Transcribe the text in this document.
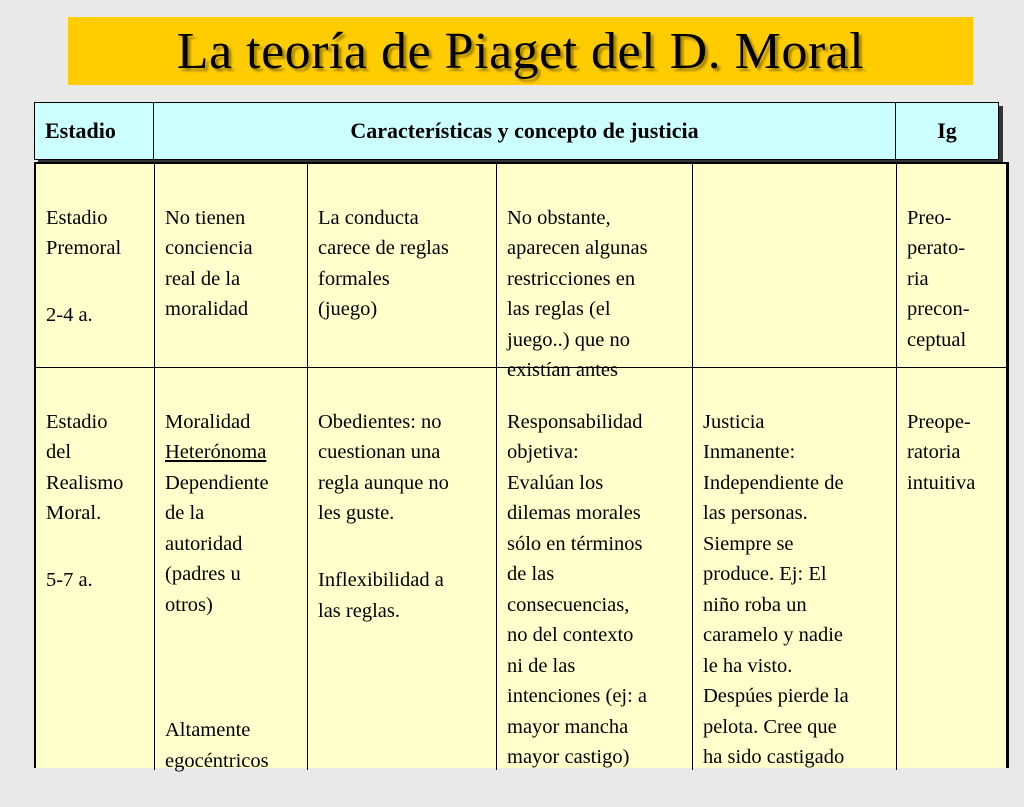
La teoría de Piaget del D. Moral
Estadio	Características y concepto de justicia	Ig

Estadio
Premoral

2-4 a.

No tienen
conciencia
real de la
moralidad

La conducta
carece de reglas
formales
(juego)

No obstante,
aparecen algunas
restricciones en
las reglas (el
juego..) que no
existían antes

Preo-
perato-
ria
precon-
ceptual

Estadio
del
Realismo
Moral.

5-7 a.

Moralidad
Heterónoma
Dependiente
de la
autoridad
(padres u
otros)

Altamente
egocéntricos

Obedientes: no
cuestionan una
regla aunque no
les guste.

Inflexibilidad a
las reglas.

Responsabilidad
objetiva:
Evalúan los
dilemas morales
sólo en términos
de las
consecuencias,
no del contexto
ni de las
intenciones (ej: a
mayor mancha
mayor castigo)

Justicia
Inmanente:
Independiente de
las personas.
Siempre se
produce. Ej: El
niño roba un
caramelo y nadie
le ha visto.
Despúes pierde la
pelota. Cree que
ha sido castigado

Preope-
ratoria
intuitiva
